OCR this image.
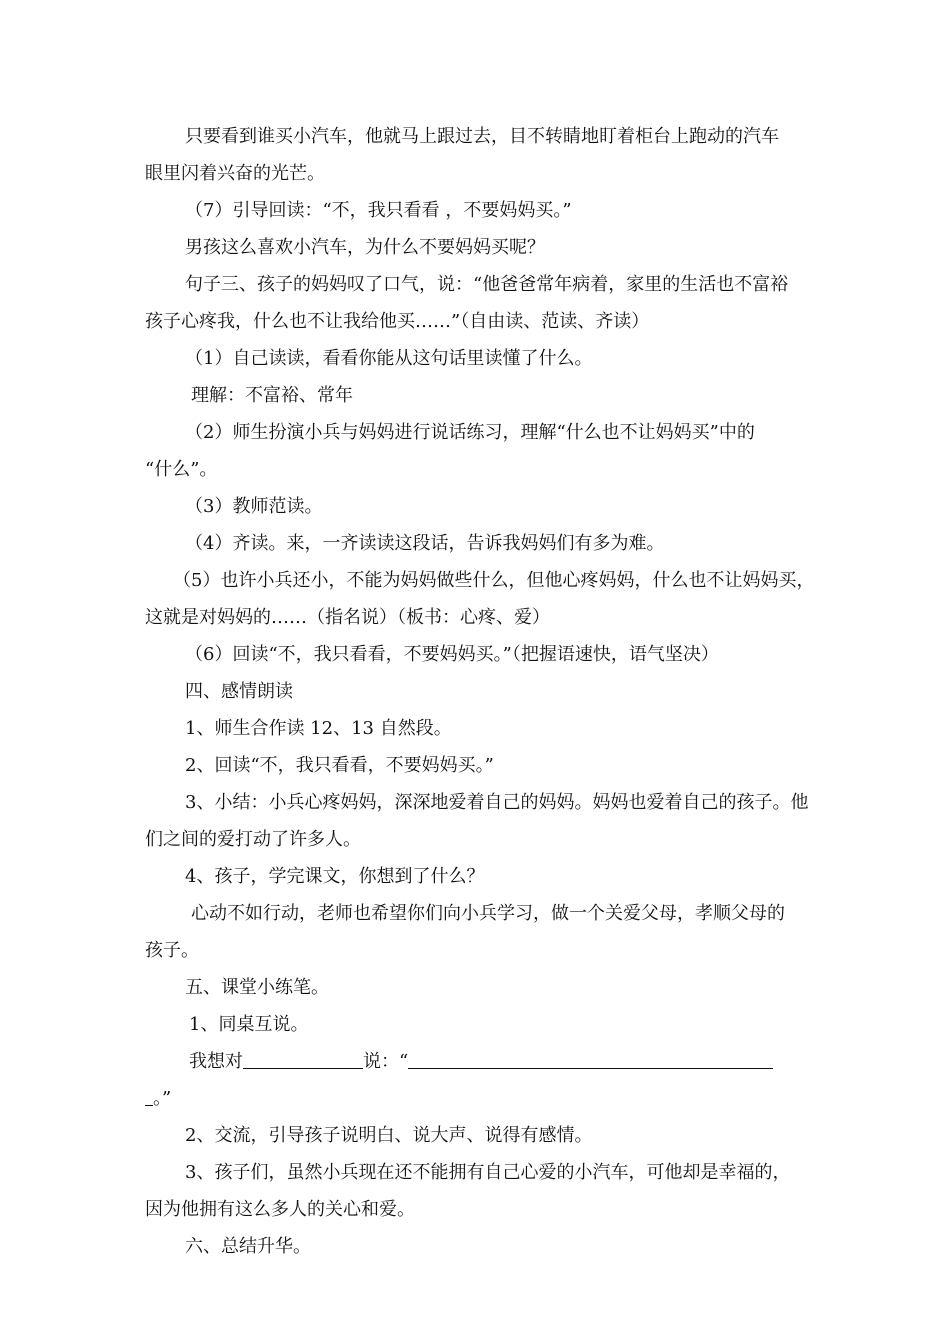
只要看到谁买小汽车，他就马上跟过去，目不转睛地盯着柜台上跑动的汽车

眼里闪着兴奋的光芒。

（7）引导回读：“不，我只看看 ，不要妈妈买。”

男孩这么喜欢小汽车，为什么不要妈妈买呢？

句子三、孩子的妈妈叹了口气，说：“他爸爸常年病着，家里的生活也不富裕

孩子心疼我，什么也不让我给他买……”（自由读、范读、齐读）

（1）自己读读，看看你能从这句话里读懂了什么。

理解：不富裕、常年

（2）师生扮演小兵与妈妈进行说话练习，理解“什么也不让妈妈买”中的

“什么”。

（3）教师范读。

（4）齐读。来，一齐读读这段话，告诉我妈妈们有多为难。

（5）也许小兵还小，不能为妈妈做些什么，但他心疼妈妈，什么也不让妈妈买，

这就是对妈妈的……（指名说）（板书：心疼、爱）

（6）回读“不，我只看看，不要妈妈买。”（把握语速快，语气坚决）

四、感情朗读

1、师生合作读 12、13 自然段。

2、回读“不，我只看看，不要妈妈买。”

3、小结：小兵心疼妈妈，深深地爱着自己的妈妈。妈妈也爱着自己的孩子。他

们之间的爱打动了许多人。

4、孩子，学完课文，你想到了什么？

心动不如行动，老师也希望你们向小兵学习，做一个关爱父母，孝顺父母的

孩子。

五、课堂小练笔。

1、同桌互说。

我想对	说：“

。”

2、交流，引导孩子说明白、说大声、说得有感情。

3、孩子们，虽然小兵现在还不能拥有自己心爱的小汽车，可他却是幸福的，

因为他拥有这么多人的关心和爱。

六、总结升华。
